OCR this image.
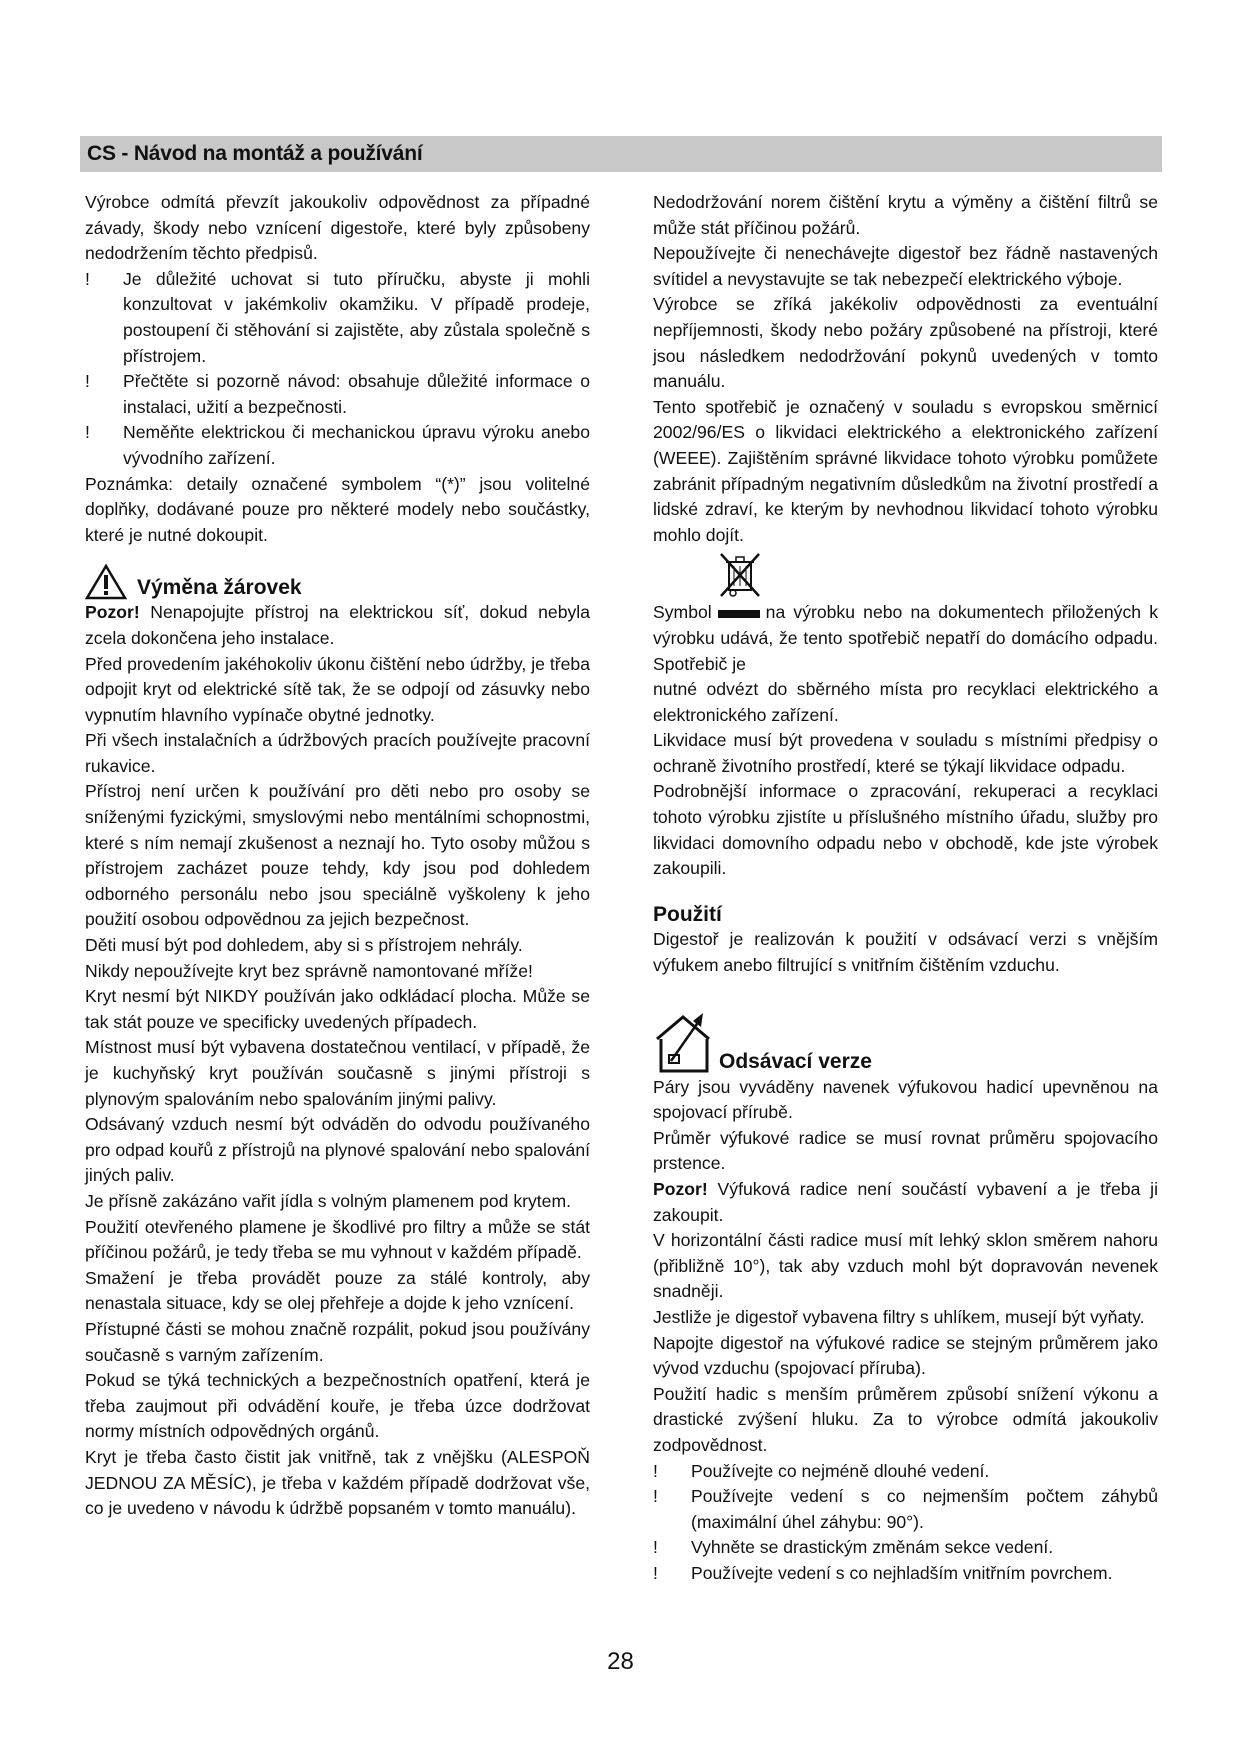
CS - Návod na montáž a používání

Výrobce odmítá převzít jakoukoliv odpovědnost za případné závady, škody nebo vznícení digestoře, které byly způsobeny nedodržením těchto předpisů.

!	Je důležité uchovat si tuto příručku, abyste ji mohli konzultovat v jakémkoliv okamžiku. V případě prodeje, postoupení či stěhování si zajistěte, aby zůstala společně s přístrojem.
!	Přečtěte si pozorně návod: obsahuje důležité informace o instalaci, užití a bezpečnosti.
!	Neměňte elektrickou či mechanickou úpravu výroku anebo vývodního zařízení.

Poznámka: detaily označené symbolem “(*)” jsou volitelné doplňky, dodávané pouze pro některé modely nebo součástky, které je nutné dokoupit.

Výměna žárovek

Pozor! Nenapojujte přístroj na elektrickou síť, dokud nebyla zcela dokončena jeho instalace.

Před provedením jakéhokoliv úkonu čištění nebo údržby, je třeba odpojit kryt od elektrické sítě tak, že se odpojí od zásuvky nebo vypnutím hlavního vypínače obytné jednotky.

Při všech instalačních a údržbových pracích používejte pracovní rukavice.

Přístroj není určen k používání pro děti nebo pro osoby se sníženými fyzickými, smyslovými nebo mentálními schopnostmi, které s ním nemají zkušenost a neznají ho. Tyto osoby můžou s přístrojem zacházet pouze tehdy, kdy jsou pod dohledem odborného personálu nebo jsou speciálně vyškoleny k jeho použití osobou odpovědnou za jejich bezpečnost.

Děti musí být pod dohledem, aby si s přístrojem nehrály.

Nikdy nepoužívejte kryt bez správně namontované mříže!

Kryt nesmí být NIKDY používán jako odkládací plocha. Může se tak stát pouze ve specificky uvedených případech.

Místnost musí být vybavena dostatečnou ventilací, v případě, že je kuchyňský kryt používán současně s jinými přístroji s plynovým spalováním nebo spalováním jinými palivy.

Odsávaný vzduch nesmí být odváděn do odvodu používaného pro odpad kouřů z přístrojů na plynové spalování nebo spalování jiných paliv.

Je přísně zakázáno vařit jídla s volným plamenem pod krytem.

Použití otevřeného plamene je škodlivé pro filtry a může se stát příčinou požárů, je tedy třeba se mu vyhnout v každém případě.

Smažení je třeba provádět pouze za stálé kontroly, aby nenastala situace, kdy se olej přehřeje a dojde k jeho vznícení.

Přístupné části se mohou značně rozpálit, pokud jsou používány současně s varným zařízením.

Pokud se týká technických a bezpečnostních opatření, která je třeba zaujmout při odvádění kouře, je třeba úzce dodržovat normy místních odpovědných orgánů.

Kryt je třeba často čistit jak vnitřně, tak z vnějšku (ALESPOŇ JEDNOU ZA MĚSÍC), je třeba v každém případě dodržovat vše, co je uvedeno v návodu k údržbě popsaném v tomto manuálu).

Nedodržování norem čištění krytu a výměny a čištění filtrů se může stát příčinou požárů.

Nepoužívejte či nenechávejte digestoř bez řádně nastavených svítidel a nevystavujte se tak nebezpečí elektrického výboje.

Výrobce se zříká jakékoliv odpovědnosti za eventuální nepříjemnosti, škody nebo požáry způsobené na přístroji, které jsou následkem nedodržování pokynů uvedených v tomto manuálu.

Tento spotřebič je označený v souladu s evropskou směrnicí 2002/96/ES o likvidaci elektrického a elektronického zařízení (WEEE). Zajištěním správné likvidace tohoto výrobku pomůžete zabránit případným negativním důsledkům na životní prostředí a lidské zdraví, ke kterým by nevhodnou likvidací tohoto výrobku mohlo dojít.

Symbol	na výrobku nebo na dokumentech přiložených k výrobku udává, že tento spotřebič nepatří do domácího odpadu. Spotřebič je

nutné odvézt do sběrného místa pro recyklaci elektrického a elektronického zařízení.

Likvidace musí být provedena v souladu s místními předpisy o ochraně životního prostředí, které se týkají likvidace odpadu.

Podrobnější informace o zpracování, rekuperaci a recyklaci tohoto výrobku zjistíte u příslušného místního úřadu, služby pro likvidaci domovního odpadu nebo v obchodě, kde jste výrobek zakoupili.

Použití

Digestoř je realizován k použití v odsávací verzi s vnějším výfukem anebo filtrující s vnitřním čištěním vzduchu.

Odsávací verze

Páry jsou vyváděny navenek výfukovou hadicí upevněnou na spojovací přírubě.

Průměr výfukové radice se musí rovnat průměru spojovacího prstence.

Pozor! Výfuková radice není součástí vybavení a je třeba ji zakoupit.

V horizontální části radice musí mít lehký sklon směrem nahoru (přibližně 10°), tak aby vzduch mohl být dopravován nevenek snadněji.

Jestliže je digestoř vybavena filtry s uhlíkem, musejí být vyňaty.

Napojte digestoř na výfukové radice se stejným průměrem jako vývod vzduchu (spojovací příruba).

Použití hadic s menším průměrem způsobí snížení výkonu a drastické zvýšení hluku. Za to výrobce odmítá jakoukoliv zodpovědnost.

!	Používejte co nejméně dlouhé vedení.
!	Používejte vedení s co nejmenším počtem záhybů (maximální úhel záhybu: 90°).
!	Vyhněte se drastickým změnám sekce vedení.
!	Používejte vedení s co nejhladším vnitřním povrchem.
28
